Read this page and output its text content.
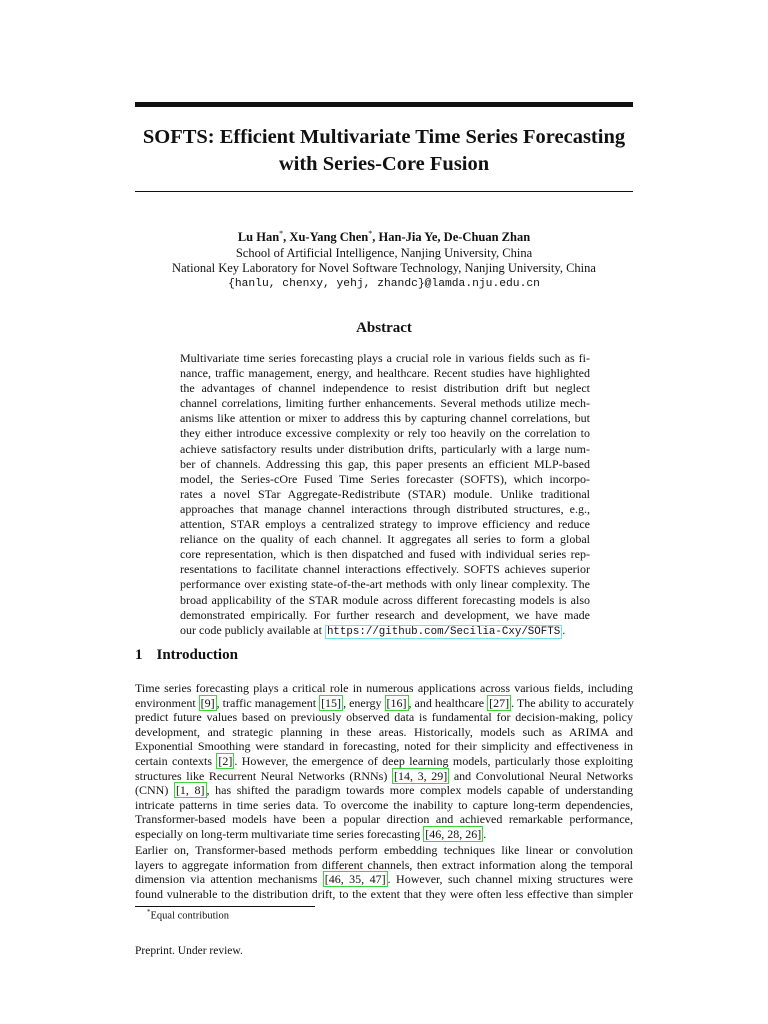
SOFTS: Efficient Multivariate Time Series Forecasting
with Series-Core Fusion
Lu Han*, Xu-Yang Chen*, Han-Jia Ye, De-Chuan Zhan
School of Artificial Intelligence, Nanjing University, China
National Key Laboratory for Novel Software Technology, Nanjing University, China
{hanlu, chenxy, yehj, zhandc}@lamda.nju.edu.cn
Abstract
Multivariate time series forecasting plays a crucial role in various fields such as fi-
nance, traffic management, energy, and healthcare. Recent studies have highlighted
the advantages of channel independence to resist distribution drift but neglect
channel correlations, limiting further enhancements. Several methods utilize mech-
anisms like attention or mixer to address this by capturing channel correlations, but
they either introduce excessive complexity or rely too heavily on the correlation to
achieve satisfactory results under distribution drifts, particularly with a large num-
ber of channels. Addressing this gap, this paper presents an efficient MLP-based
model, the Series-cOre Fused Time Series forecaster (SOFTS), which incorpo-
rates a novel STar Aggregate-Redistribute (STAR) module. Unlike traditional
approaches that manage channel interactions through distributed structures, e.g.,
attention, STAR employs a centralized strategy to improve efficiency and reduce
reliance on the quality of each channel. It aggregates all series to form a global
core representation, which is then dispatched and fused with individual series rep-
resentations to facilitate channel interactions effectively. SOFTS achieves superior
performance over existing state-of-the-art methods with only linear complexity. The
broad applicability of the STAR module across different forecasting models is also
demonstrated empirically. For further research and development, we have made
our code publicly available at https://github.com/Secilia-Cxy/SOFTS .
1 Introduction
Time series forecasting plays a critical role in numerous applications across various fields, including
environment [9] , traffic management [15] , energy [16] , and healthcare [27] . The ability to accurately
predict future values based on previously observed data is fundamental for decision-making, policy
development, and strategic planning in these areas. Historically, models such as ARIMA and
Exponential Smoothing were standard in forecasting, noted for their simplicity and effectiveness in
certain contexts [2] . However, the emergence of deep learning models, particularly those exploiting
structures like Recurrent Neural Networks (RNNs) [14, 3, 29] and Convolutional Neural Networks
(CNN) [1, 8] , has shifted the paradigm towards more complex models capable of understanding
intricate patterns in time series data. To overcome the inability to capture long-term dependencies,
Transformer-based models have been a popular direction and achieved remarkable performance,
especially on long-term multivariate time series forecasting [46, 28, 26] .
Earlier on, Transformer-based methods perform embedding techniques like linear or convolution
layers to aggregate information from different channels, then extract information along the temporal
dimension via attention mechanisms [46, 35, 47] . However, such channel mixing structures were
found vulnerable to the distribution drift, to the extent that they were often less effective than simpler
*Equal contribution
Preprint. Under review.
